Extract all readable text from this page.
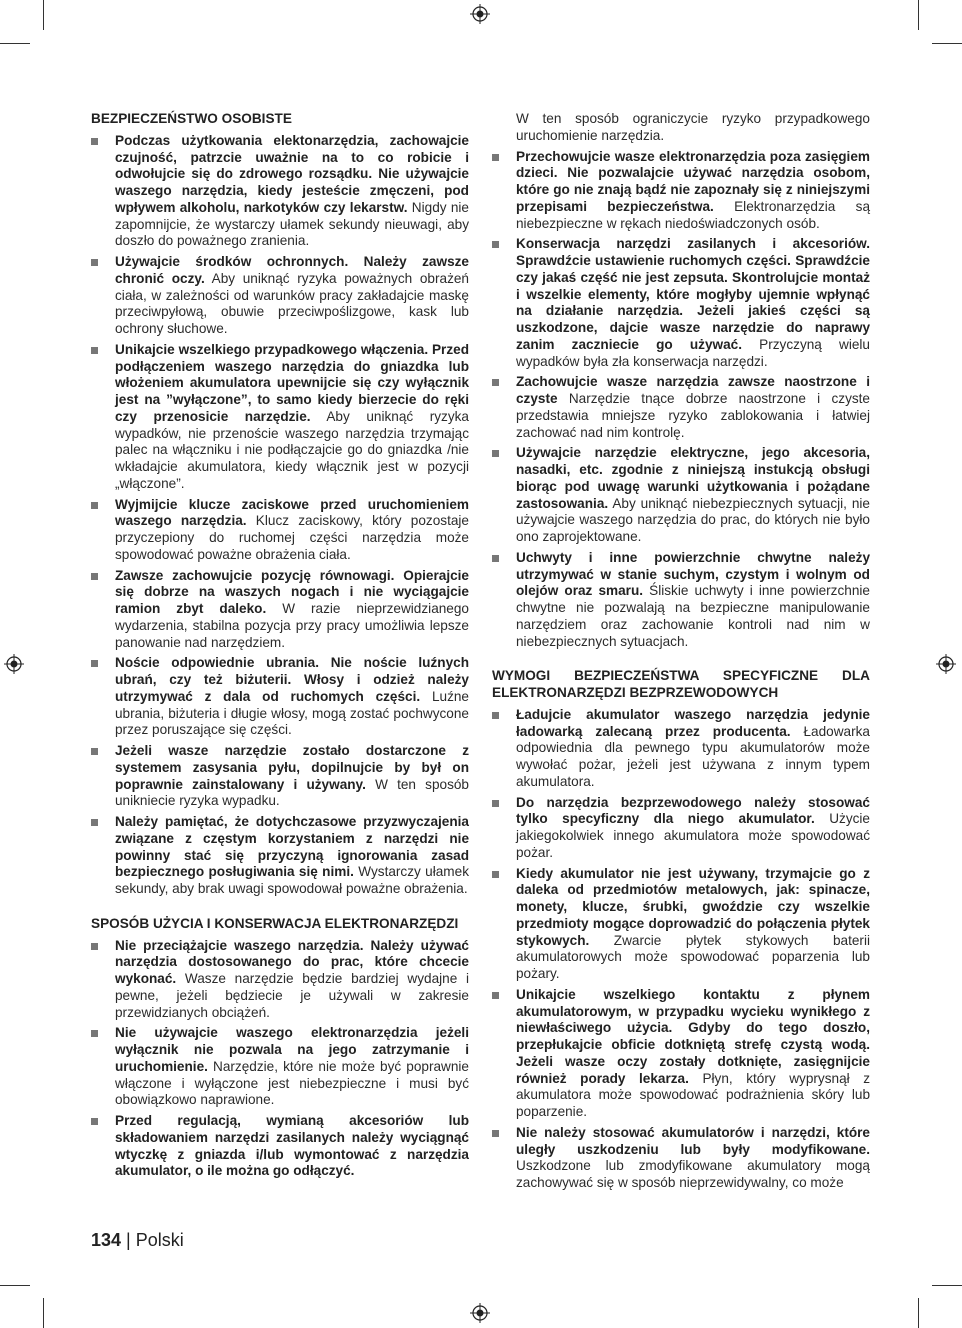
BEZPIECZEŃSTWO OSOBISTE

Podczas użytkowania elektonarzędzia, zachowajcie czujność, patrzcie uważnie na to co robicie i odwołujcie się do zdrowego rozsądku. Nie używajcie waszego narzędzia, kiedy jesteście zmęczeni, pod wpływem alkoholu, narkotyków czy lekarstw. Nigdy nie zapomnijcie, że wystarczy ułamek sekundy nieuwagi, aby doszło do poważnego zranienia.

Używajcie środków ochronnych. Należy zawsze chronić oczy. Aby uniknąć ryzyka poważnych obrażeń ciała, w zależności od warunków pracy zakładajcie maskę przeciwpyłową, obuwie przeciwpoślizgowe, kask lub ochrony słuchowe.

Unikajcie wszelkiego przypadkowego włączenia. Przed podłączeniem waszego narzędzia do gniazdka lub włożeniem akumulatora upewnijcie się czy wyłącznik jest na ”wyłączone”, to samo kiedy bierzecie do ręki czy przenosicie narzędzie. Aby uniknąć ryzyka wypadków, nie przenoście waszego narzędzia trzymając palec na włączniku i nie podłączajcie go do gniazdka /nie wkładajcie akumulatora, kiedy włącznik jest w pozycji „włączone”.

Wyjmijcie klucze zaciskowe przed uruchomieniem waszego narzędzia. Klucz zaciskowy, który pozostaje przyczepiony do ruchomej części narzędzia może spowodować poważne obrażenia ciała.

Zawsze zachowujcie pozycję równowagi. Opierajcie się dobrze na waszych nogach i nie wyciągajcie ramion zbyt daleko. W razie nieprzewidzianego wydarzenia, stabilna pozycja przy pracy umożliwia lepsze panowanie nad narzędziem.

Noście odpowiednie ubrania. Nie noście luźnych ubrań, czy też biżuterii. Włosy i odzież należy utrzymywać z dala od ruchomych części. Luźne ubrania, biżuteria i długie włosy, mogą zostać pochwycone przez poruszające się części.

Jeżeli wasze narzędzie zostało dostarczone z systemem zasysania pyłu, dopilnujcie by był on poprawnie zainstalowany i używany. W ten sposób unikniecie ryzyka wypadku.

Należy pamiętać, że dotychczasowe przyzwyczajenia związane z częstym korzystaniem z narzędzi nie powinny stać się przyczyną ignorowania zasad bezpiecznego posługiwania się nimi. Wystarczy ułamek sekundy, aby brak uwagi spowodował poważne obrażenia.

SPOSÓB UŻYCIA I KONSERWACJA ELEKTRONARZĘDZI

Nie przeciążajcie waszego narzędzia. Należy używać narzędzia dostosowanego do prac, które chcecie wykonać. Wasze narzędzie będzie bardziej wydajne i pewne, jeżeli będziecie je używali w zakresie przewidzianych obciążeń.

Nie używajcie waszego elektronarzędzia jeżeli wyłącznik nie pozwala na jego zatrzymanie i uruchomienie. Narzędzie, które nie może być poprawnie włączone i wyłączone jest niebezpieczne i musi być obowiązkowo naprawione.

Przed regulacją, wymianą akcesoriów lub składowaniem narzędzi zasilanych należy wyciągnąć wtyczkę z gniazda i/lub wymontować z narzędzia akumulator, o ile można go odłączyć.

W ten sposób ograniczycie ryzyko przypadkowego uruchomienie narzędzia.

Przechowujcie wasze elektronarzędzia poza zasięgiem dzieci. Nie pozwalajcie używać narzędzia osobom, które go nie znają bądź nie zapoznały się z niniejszymi przepisami bezpieczeństwa. Elektronarzędzia są niebezpieczne w rękach niedoświadczonych osób.

Konserwacja narzędzi zasilanych i akcesoriów. Sprawdźcie ustawienie ruchomych części. Sprawdźcie czy jakaś część nie jest zepsuta. Skontrolujcie montaż i wszelkie elementy, które mogłyby ujemnie wpłynąć na działanie narzędzia. Jeżeli jakieś części są uszkodzone, dajcie wasze narzędzie do naprawy zanim zaczniecie go używać. Przyczyną wielu wypadków była zła konserwacja narzędzi.

Zachowujcie wasze narzędzia zawsze naostrzone i czyste Narzędzie tnące dobrze naostrzone i czyste przedstawia mniejsze ryzyko zablokowania i łatwiej zachować nad nim kontrolę.

Używajcie narzędzie elektryczne, jego akcesoria, nasadki, etc. zgodnie z niniejszą instukcją obsługi biorąc pod uwagę warunki użytkowania i pożądane zastosowania. Aby uniknąć niebezpiecznych sytuacji, nie używajcie waszego narzędzia do prac, do których nie było ono zaprojektowane.

Uchwyty i inne powierzchnie chwytne należy utrzymywać w stanie suchym, czystym i wolnym od olejów oraz smaru. Śliskie uchwyty i inne powierzchnie chwytne nie pozwalają na bezpieczne manipulowanie narzędziem oraz zachowanie kontroli nad nim w niebezpiecznych sytuacjach.

WYMOGI BEZPIECZEŃSTWA SPECYFICZNE DLA ELEKTRONARZĘDZI BEZPRZEWODOWYCH

Ładujcie akumulator waszego narzędzia jedynie ładowarką zalecaną przez producenta. Ładowarka odpowiednia dla pewnego typu akumulatorów może wywołać pożar, jeżeli jest używana z innym typem akumulatora.

Do narzędzia bezprzewodowego należy stosować tylko specyficzny dla niego akumulator. Użycie jakiegokolwiek innego akumulatora może spowodować pożar.

Kiedy akumulator nie jest używany, trzymajcie go z daleka od przedmiotów metalowych, jak: spinacze, monety, klucze, śrubki, gwoździe czy wszelkie przedmioty mogące doprowadzić do połączenia płytek stykowych. Zwarcie płytek stykowych baterii akumulatorowych może spowodować poparzenia lub pożary.

Unikajcie wszelkiego kontaktu z płynem akumulatorowym, w przypadku wycieku wynikłego z niewłaściwego użycia. Gdyby do tego doszło, przepłukajcie obficie dotkniętą strefę czystą wodą. Jeżeli wasze oczy zostały dotknięte, zasięgnijcie również porady lekarza. Płyn, który wyprysnął z akumulatora może spowodować podrażnienia skóry lub poparzenie.

Nie należy stosować akumulatorów i narzędzi, które uległy uszkodzeniu lub były modyfikowane. Uszkodzone lub zmodyfikowane akumulatory mogą zachowywać się w sposób nieprzewidywalny, co może

134 | Polski
